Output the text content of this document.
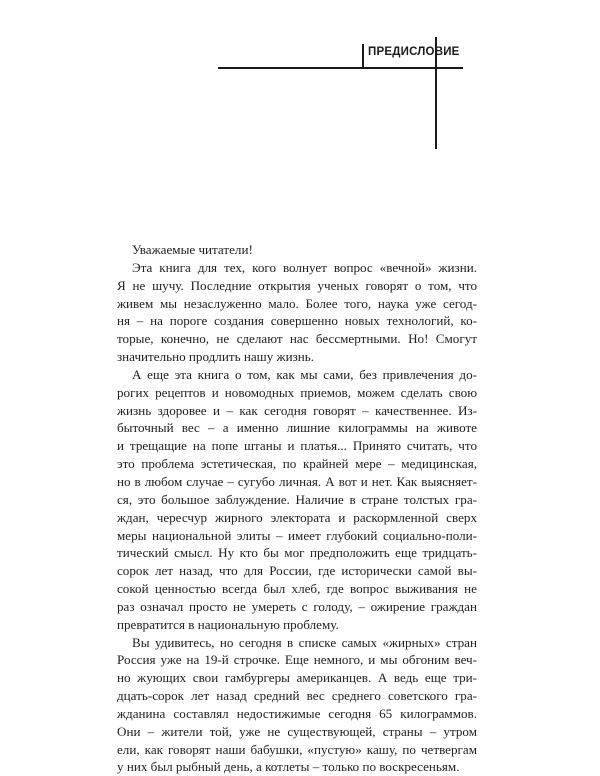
ПРЕДИСЛОВИЕ
Уважаемые читатели!
Эта книга для тех, кого волнует вопрос «вечной» жизни.
Я не шучу. Последние открытия ученых говорят о том, что
живем мы незаслуженно мало. Более того, наука уже сегод-
ня – на пороге создания совершенно новых технологий, ко-
торые, конечно, не сделают нас бессмертными. Но! Смогут
значительно продлить нашу жизнь.
А еще эта книга о том, как мы сами, без привлечения до-
рогих рецептов и новомодных приемов, можем сделать свою
жизнь здоровее и – как сегодня говорят – качественнее. Из-
быточный вес – а именно лишние килограммы на животе
и трещащие на попе штаны и платья... Принято считать, что
это проблема эстетическая, по крайней мере – медицинская,
но в любом случае – сугубо личная. А вот и нет. Как выясняет-
ся, это большое заблуждение. Наличие в стране толстых гра-
ждан, чересчур жирного электората и раскормленной сверх
меры национальной элиты – имеет глубокий социально-поли-
тический смысл. Ну кто бы мог предположить еще тридцать-
сорок лет назад, что для России, где исторически самой вы-
сокой ценностью всегда был хлеб, где вопрос выживания не
раз означал просто не умереть с голоду, – ожирение граждан
превратится в национальную проблему.
Вы удивитесь, но сегодня в списке самых «жирных» стран
Россия уже на 19-й строчке. Еще немного, и мы обгоним веч-
но жующих свои гамбургеры американцев. А ведь еще три-
дцать-сорок лет назад средний вес среднего советского гра-
жданина составлял недостижимые сегодня 65 килограммов.
Они – жители той, уже не существующей, страны – утром
ели, как говорят наши бабушки, «пустую» кашу, по четвергам
у них был рыбный день, а котлеты – только по воскресеньям.
